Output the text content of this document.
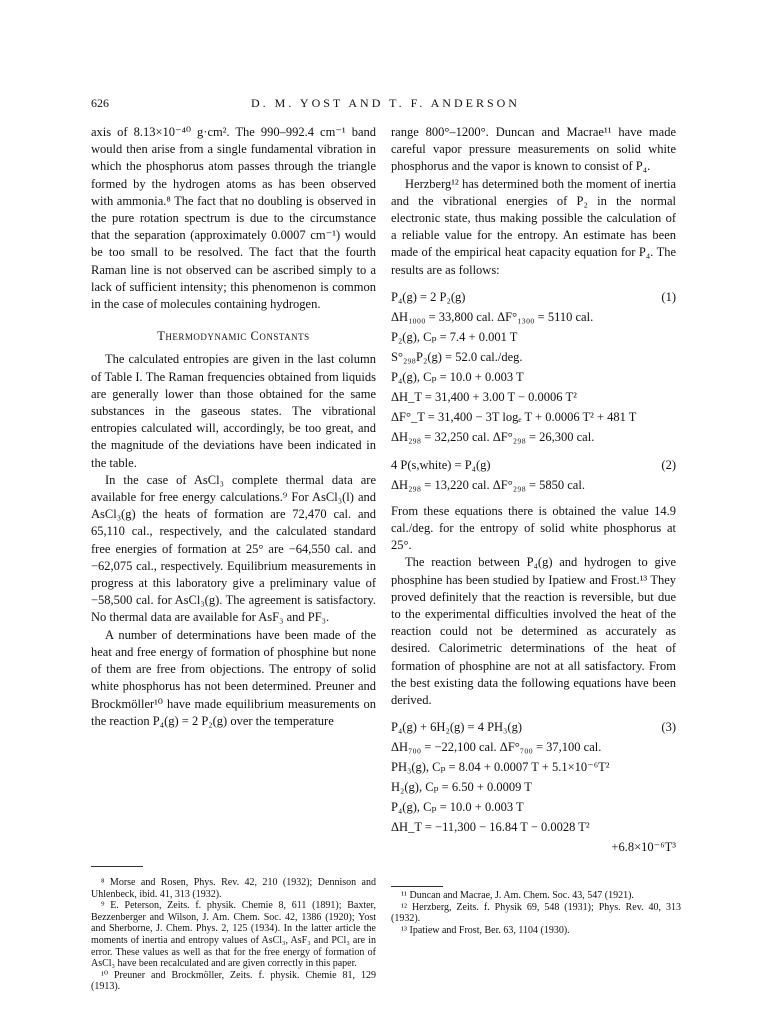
626	D. M. YOST AND T. F. ANDERSON

axis of 8.13×10⁻⁴⁰ g·cm². The 990–992.4 cm⁻¹ band would then arise from a single fundamental vibration in which the phosphorus atom passes through the triangle formed by the hydrogen atoms as has been observed with ammonia.⁸ The fact that no doubling is observed in the pure rotation spectrum is due to the circumstance that the separation (approximately 0.0007 cm⁻¹) would be too small to be resolved. The fact that the fourth Raman line is not observed can be ascribed simply to a lack of sufficient intensity; this phenomenon is common in the case of molecules containing hydrogen.

Thermodynamic Constants

The calculated entropies are given in the last column of Table I. The Raman frequencies obtained from liquids are generally lower than those obtained for the same substances in the gaseous states. The vibrational entropies calculated will, accordingly, be too great, and the magnitude of the deviations have been indicated in the table.

In the case of AsCl₃ complete thermal data are available for free energy calculations.⁹ For AsCl₃(l) and AsCl₃(g) the heats of formation are 72,470 cal. and 65,110 cal., respectively, and the calculated standard free energies of formation at 25° are −64,550 cal. and −62,075 cal., respectively. Equilibrium measurements in progress at this laboratory give a preliminary value of −58,500 cal. for AsCl₃(g). The agreement is satisfactory. No thermal data are available for AsF₃ and PF₃.

A number of determinations have been made of the heat and free energy of formation of phosphine but none of them are free from objections. The entropy of solid white phosphorus has not been determined. Preuner and Brockmöller¹⁰ have made equilibrium measurements on the reaction P₄(g) = 2 P₂(g) over the temperature

range 800°–1200°. Duncan and Macrae¹¹ have made careful vapor pressure measurements on solid white phosphorus and the vapor is known to consist of P₄.

Herzberg¹² has determined both the moment of inertia and the vibrational energies of P₂ in the normal electronic state, thus making possible the calculation of a reliable value for the entropy. An estimate has been made of the empirical heat capacity equation for P₄. The results are as follows:

P₄(g) = 2 P₂(g)	(1)
ΔH₁₀₀₀ = 33,800 cal. ΔF°₁₃₀₀ = 5110 cal.
P₂(g), Cₚ = 7.4 + 0.001 T
S°₂₉₈P₂(g) = 52.0 cal./deg.
P₄(g), Cₚ = 10.0 + 0.003 T
ΔH_T = 31,400 + 3.00 T − 0.0006 T²
ΔF°_T = 31,400 − 3T logₑ T + 0.0006 T² + 481 T
ΔH₂₉₈ = 32,250 cal. ΔF°₂₉₈ = 26,300 cal.
4 P(s,white) = P₄(g)	(2)
ΔH₂₉₈ = 13,220 cal. ΔF°₂₉₈ = 5850 cal.

From these equations there is obtained the value 14.9 cal./deg. for the entropy of solid white phosphorus at 25°.

The reaction between P₄(g) and hydrogen to give phosphine has been studied by Ipatiew and Frost.¹³ They proved definitely that the reaction is reversible, but due to the experimental difficulties involved the heat of the reaction could not be determined as accurately as desired. Calorimetric determinations of the heat of formation of phosphine are not at all satisfactory. From the best existing data the following equations have been derived.

P₄(g) + 6H₂(g) = 4 PH₃(g)	(3)
ΔH₇₀₀ = −22,100 cal. ΔF°₇₀₀ = 37,100 cal.
PH₃(g), Cₚ = 8.04 + 0.0007 T + 5.1×10⁻⁶T²
H₂(g), Cₚ = 6.50 + 0.0009 T
P₄(g), Cₚ = 10.0 + 0.003 T
ΔH_T = −11,300 − 16.84 T − 0.0028 T²
+6.8×10⁻⁶T³

⁸ Morse and Rosen, Phys. Rev. 42, 210 (1932); Dennison and Uhlenbeck, ibid. 41, 313 (1932).

⁹ E. Peterson, Zeits. f. physik. Chemie 8, 611 (1891); Baxter, Bezzenberger and Wilson, J. Am. Chem. Soc. 42, 1386 (1920); Yost and Sherborne, J. Chem. Phys. 2, 125 (1934). In the latter article the moments of inertia and entropy values of AsCl₃, AsF₃ and PCl₃ are in error. These values as well as that for the free energy of formation of AsCl₃ have been recalculated and are given correctly in this paper.

¹⁰ Preuner and Brockmöller, Zeits. f. physik. Chemie 81, 129 (1913).

¹¹ Duncan and Macrae, J. Am. Chem. Soc. 43, 547 (1921).

¹² Herzberg, Zeits. f. Physik 69, 548 (1931); Phys. Rev. 40, 313 (1932).

¹³ Ipatiew and Frost, Ber. 63, 1104 (1930).
